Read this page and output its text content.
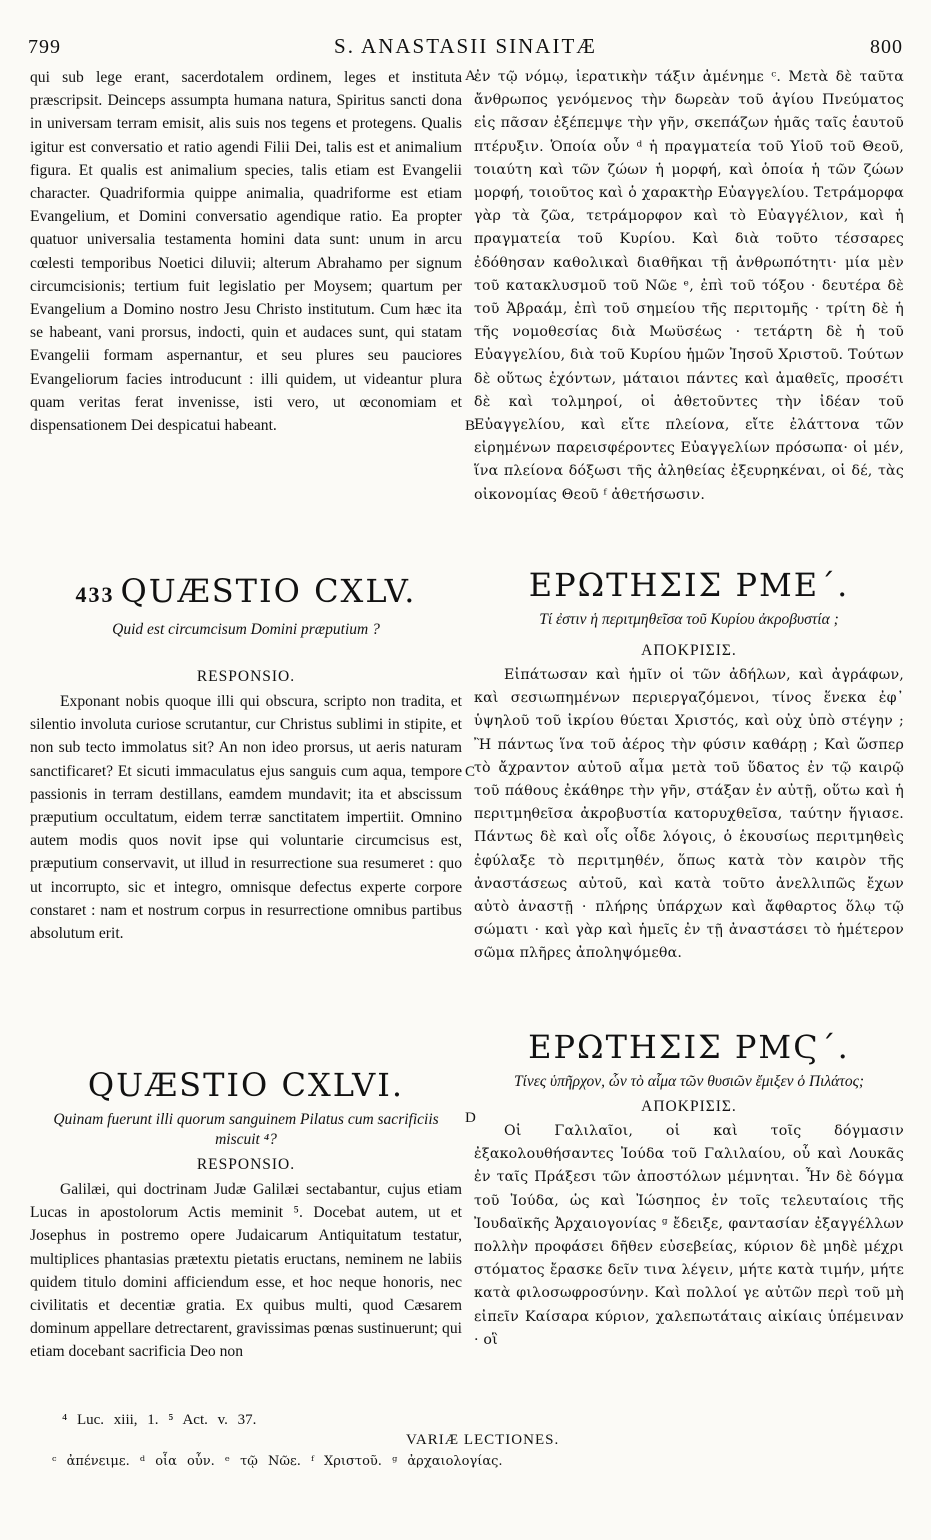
799	S. ANASTASII SINAITÆ	800

qui sub lege erant, sacerdotalem ordinem, leges et instituta præscripsit. Deinceps assumpta humana natura, Spiritus sancti dona in universam terram emisit, alis suis nos tegens et protegens. Qualis igitur est conversatio et ratio agendi Filii Dei, talis est et animalium figura. Et qualis est animalium species, talis etiam est Evangelii character. Quadriformia quippe animalia, quadriforme est etiam Evangelium, et Domini conversatio agendique ratio. Ea propter quatuor universalia testamenta homini data sunt: unum in arcu cœlesti temporibus Noetici diluvii; alterum Abrahamo per signum circumcisionis; tertium fuit legislatio per Moysem; quartum per Evangelium a Domino nostro Jesu Christo institutum. Cum hæc ita se habeant, vani prorsus, indocti, quin et audaces sunt, qui statam Evangelii formam aspernantur, et seu plures seu pauciores Evangeliorum facies introducunt : illi quidem, ut videantur plura quam veritas ferat invenisse, isti vero, ut œconomiam et dispensationem Dei despicatui habeant.

433 QUÆSTIO CXLV.
Quid est circumcisum Domini præputium ?
RESPONSIO.

Exponant nobis quoque illi qui obscura, scripto non tradita, et silentio involuta curiose scrutantur, cur Christus sublimi in stipite, et non sub tecto immolatus sit? An non ideo prorsus, ut aeris naturam sanctificaret? Et sicuti immaculatus ejus sanguis cum aqua, tempore passionis in terram destillans, eamdem mundavit; ita et abscissum præputium occultatum, eidem terræ sanctitatem impertiit. Omnino autem modis quos novit ipse qui voluntarie circumcisus est, præputium conservavit, ut illud in resurrectione sua resumeret : quo ut incorrupto, sic et integro, omnisque defectus experte corpore constaret : nam et nostrum corpus in resurrectione omnibus partibus absolutum erit.

QUÆSTIO CXLVI.
Quinam fuerunt illi quorum sanguinem Pilatus cum sacrificiis miscuit ⁴?
RESPONSIO.

Galilæi, qui doctrinam Judæ Galilæi sectabantur, cujus etiam Lucas in apostolorum Actis meminit ⁵. Docebat autem, ut et Josephus in postremo opere Judaicarum Antiquitatum testatur, multiplices phantasias prætextu pietatis eructans, neminem ne labiis quidem titulo domini afficiendum esse, et hoc neque honoris, nec civilitatis et decentiæ gratia. Ex quibus multi, quod Cæsarem dominum appellare detrectarent, gravissimas pœnas sustinuerunt; qui etiam docebant sacrificia Deo non

A
B
C
D

ἐν τῷ νόμῳ, ἱερατικὴν τάξιν ἀμένημε ᶜ. Μετὰ δὲ ταῦτα ἄνθρωπος γενόμενος τὴν δωρεὰν τοῦ ἁγίου Πνεύματος εἰς πᾶσαν ἐξέπεμψε τὴν γῆν, σκεπάζων ἡμᾶς ταῖς ἑαυτοῦ πτέρυξιν. Ὁποία οὖν ᵈ ἡ πραγματεία τοῦ Υἱοῦ τοῦ Θεοῦ, τοιαύτη καὶ τῶν ζώων ἡ μορφή, καὶ ὁποία ἡ τῶν ζώων μορφή, τοιοῦτος καὶ ὁ χαρακτὴρ Εὐαγγελίου. Τετράμορφα γὰρ τὰ ζῶα, τετράμορφον καὶ τὸ Εὐαγγέλιον, καὶ ἡ πραγματεία τοῦ Κυρίου. Καὶ διὰ τοῦτο τέσσαρες ἐδόθησαν καθολικαὶ διαθῆκαι τῇ ἀνθρωπότητι· μία μὲν τοῦ κατακλυσμοῦ τοῦ Νῶε ᵉ, ἐπὶ τοῦ τόξου · δευτέρα δὲ τοῦ Ἀβραάμ, ἐπὶ τοῦ σημείου τῆς περιτομῆς · τρίτη δὲ ἡ τῆς νομοθεσίας διὰ Μωϋσέως · τετάρτη δὲ ἡ τοῦ Εὐαγγελίου, διὰ τοῦ Κυρίου ἡμῶν Ἰησοῦ Χριστοῦ. Τούτων δὲ οὕτως ἐχόντων, μάταιοι πάντες καὶ ἀμαθεῖς, προσέτι δὲ καὶ τολμηροί, οἱ ἀθετοῦντες τὴν ἰδέαν τοῦ Εὐαγγελίου, καὶ εἴτε πλείονα, εἴτε ἐλάττονα τῶν εἰρημένων παρεισφέροντες Εὐαγγελίων πρόσωπα· οἱ μέν, ἵνα πλείονα δόξωσι τῆς ἀληθείας ἐξευρηκέναι, οἱ δέ, τὰς οἰκονομίας Θεοῦ ᶠ ἀθετήσωσιν.

ΕΡΩΤΗΣΙΣ ΡΜΕ΄.
Τί ἐστιν ἡ περιτμηθεῖσα τοῦ Κυρίου ἀκροβυστία ;
ΑΠΟΚΡΙΣΙΣ.

Εἰπάτωσαν καὶ ἡμῖν οἱ τῶν ἀδήλων, καὶ ἀγράφων, καὶ σεσιωπημένων περιεργαζόμενοι, τίνος ἕνεκα ἐφ᾽ ὑψηλοῦ τοῦ ἰκρίου θύεται Χριστός, καὶ οὐχ ὑπὸ στέγην ; Ἢ πάντως ἵνα τοῦ ἀέρος τὴν φύσιν καθάρῃ ; Καὶ ὥσπερ τὸ ἄχραντον αὐτοῦ αἷμα μετὰ τοῦ ὕδατος ἐν τῷ καιρῷ τοῦ πάθους ἐκάθηρε τὴν γῆν, στάξαν ἐν αὐτῇ, οὕτω καὶ ἡ περιτμηθεῖσα ἀκροβυστία κατορυχθεῖσα, ταύτην ἥγιασε. Πάντως δὲ καὶ οἷς οἶδε λόγοις, ὁ ἑκουσίως περιτμηθεὶς ἐφύλαξε τὸ περιτμηθέν, ὅπως κατὰ τὸν καιρὸν τῆς ἀναστάσεως αὐτοῦ, καὶ κατὰ τοῦτο ἀνελλιπῶς ἔχων αὐτὸ ἀναστῇ · πλήρης ὑπάρχων καὶ ἄφθαρτος ὅλῳ τῷ σώματι · καὶ γὰρ καὶ ἡμεῖς ἐν τῇ ἀναστάσει τὸ ἡμέτερον σῶμα πλῆρες ἀποληψόμεθα.

ΕΡΩΤΗΣΙΣ ΡΜϚ΄.
Τίνες ὑπῆρχον, ὧν τὸ αἷμα τῶν θυσιῶν ἔμιξεν ὁ Πιλάτος;
ΑΠΟΚΡΙΣΙΣ.

Οἱ Γαλιλαῖοι, οἱ καὶ τοῖς δόγμασιν ἐξακολουθήσαντες Ἰούδα τοῦ Γαλιλαίου, οὗ καὶ Λουκᾶς ἐν ταῖς Πράξεσι τῶν ἀποστόλων μέμνηται. Ἦν δὲ δόγμα τοῦ Ἰούδα, ὡς καὶ Ἰώσηπος ἐν τοῖς τελευταίοις τῆς Ἰουδαϊκῆς Ἀρχαιογονίας ᵍ ἔδειξε, φαντασίαν ἐξαγγέλλων πολλὴν προφάσει δῆθεν εὐσεβείας, κύριον δὲ μηδὲ μέχρι στόματος ἔρασκε δεῖν τινα λέγειν, μήτε κατὰ τιμήν, μήτε κατὰ φιλοσωφροσύνην. Καὶ πολλοί γε αὐτῶν περὶ τοῦ μὴ εἰπεῖν Καίσαρα κύριον, χαλεπωτάταις αἰκίαις ὑπέμειναν · οἳ

⁴ Luc. xiii, 1. ⁵ Act. v. 37.
VARIÆ LECTIONES.
ᶜ ἀπένειμε. ᵈ οἷα οὖν. ᵉ τῷ Νῶε. ᶠ Χριστοῦ. ᵍ ἀρχαιολογίας.
